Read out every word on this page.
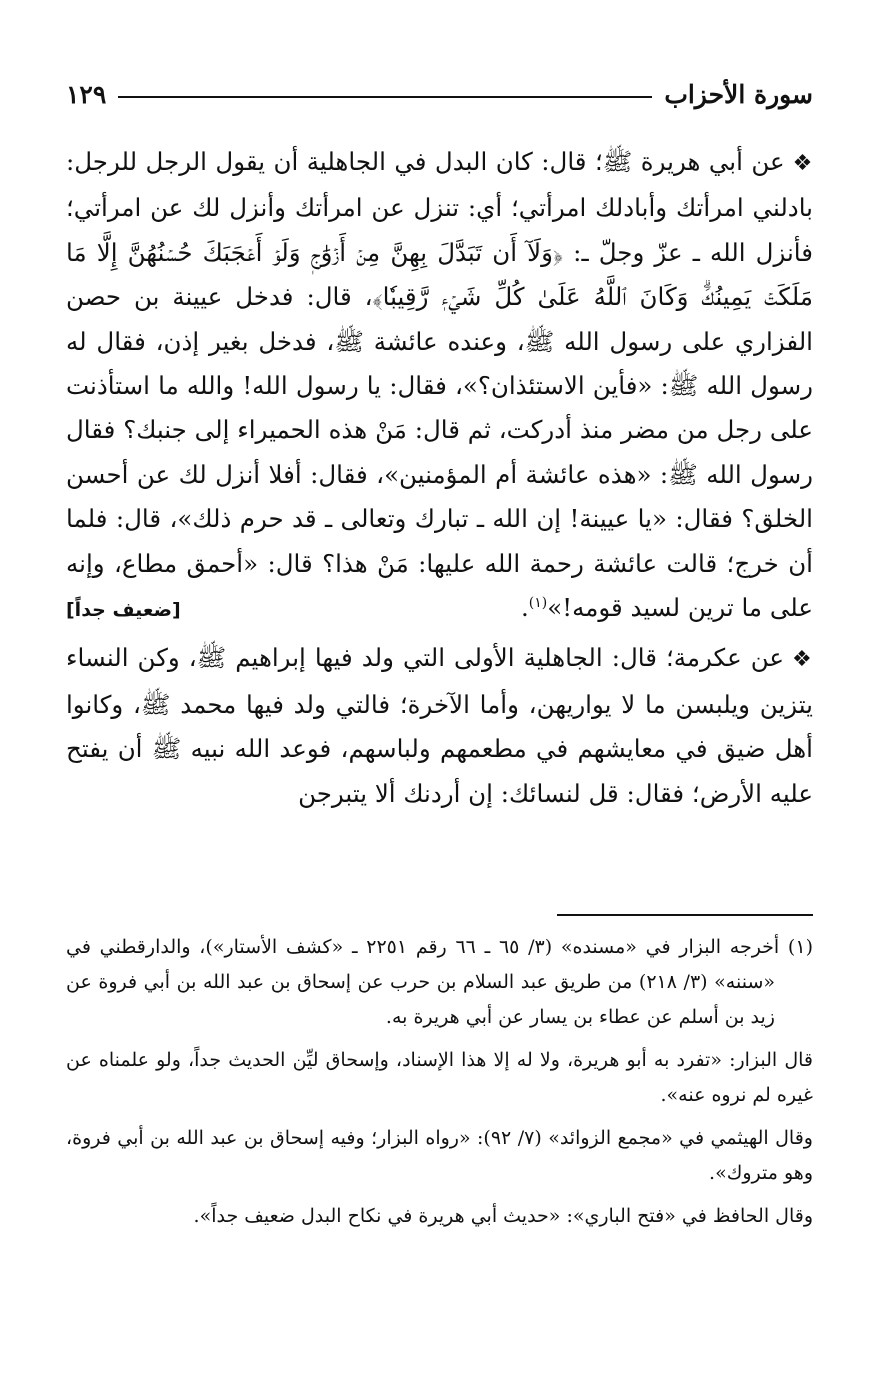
سورة الأحزاب
١٢٩

❖عن أبي هريرة ﷺ؛ قال: كان البدل في الجاهلية أن يقول الرجل للرجل: بادلني امرأتك وأبادلك امرأتي؛ أي: تنزل عن امرأتك وأنزل لك عن امرأتي؛ فأنزل الله ـ عزّ وجلّ ـ: ﴿وَلَآ أَن تَبَدَّلَ بِهِنَّ مِنۡ أَزۡوَٰجٖ وَلَوۡ أَعۡجَبَكَ حُسۡنُهُنَّ إِلَّا مَا مَلَكَتۡ يَمِينُكَۗ وَكَانَ ٱللَّهُ عَلَىٰ كُلِّ شَيۡءٖ رَّقِيبٗا﴾، قال: فدخل عيينة بن حصن الفزاري على رسول الله ﷺ، وعنده عائشة ﷺ، فدخل بغير إذن، فقال له رسول الله ﷺ: «فأين الاستئذان؟»، فقال: يا رسول الله! والله ما استأذنت على رجل من مضر منذ أدركت، ثم قال: مَنْ هذه الحميراء إلى جنبك؟ فقال رسول الله ﷺ: «هذه عائشة أم المؤمنين»، فقال: أفلا أنزل لك عن أحسن الخلق؟ فقال: «يا عيينة! إن الله ـ تبارك وتعالى ـ قد حرم ذلك»، قال: فلما أن خرج؛ قالت عائشة رحمة الله عليها: مَنْ هذا؟ قال: «أحمق مطاع، وإنه على ما ترين لسيد قومه!»$^{(١)}$.
[ضعيف جداً]

❖عن عكرمة؛ قال: الجاهلية الأولى التي ولد فيها إبراهيم ﷺ، وكن النساء يتزين ويلبسن ما لا يواريهن، وأما الآخرة؛ فالتي ولد فيها محمد ﷺ، وكانوا أهل ضيق في معايشهم في مطعمهم ولباسهم، فوعد الله نبيه ﷺ أن يفتح عليه الأرض؛ فقال: قل لنسائك: إن أردنك ألا يتبرجن

(١) أخرجه البزار في «مسنده» (٣/ ٦٥ ـ ٦٦ رقم ٢٢٥١ ـ «كشف الأستار»)، والدارقطني في «سننه» (٣/ ٢١٨) من طريق عبد السلام بن حرب عن إسحاق بن عبد الله بن أبي فروة عن زيد بن أسلم عن عطاء بن يسار عن أبي هريرة به.

قال البزار: «تفرد به أبو هريرة، ولا له إلا هذا الإسناد، وإسحاق ليِّن الحديث جداً، ولو علمناه عن غيره لم نروه عنه».

وقال الهيثمي في «مجمع الزوائد» (٧/ ٩٢): «رواه البزار؛ وفيه إسحاق بن عبد الله بن أبي فروة، وهو متروك».

وقال الحافظ في «فتح الباري»: «حديث أبي هريرة في نكاح البدل ضعيف جداً».
